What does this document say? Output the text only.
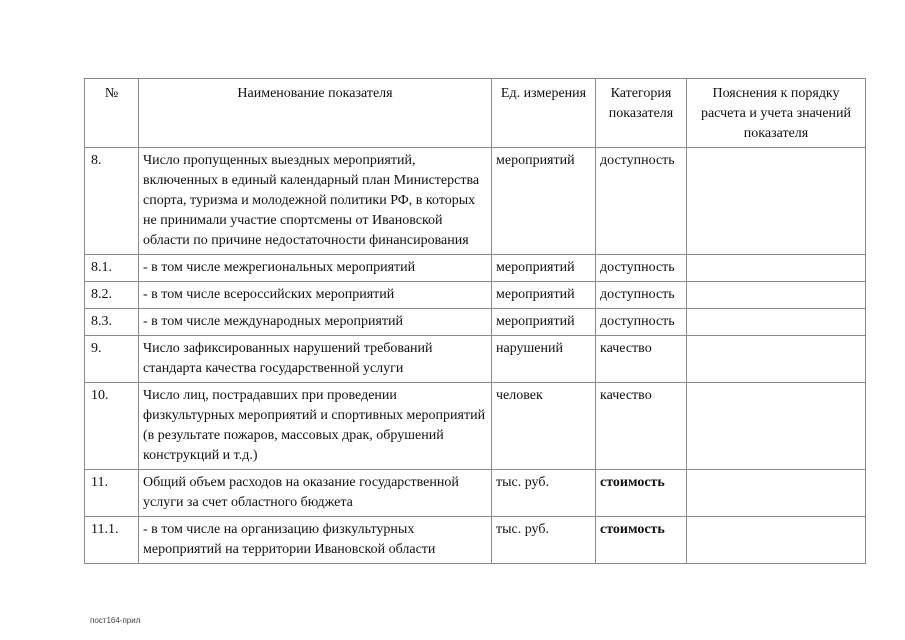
№	Наименование показателя	Ед. измерения	Категория показателя	Пояснения к порядку расчета и учета значений показателя
8.	Число пропущенных выездных мероприятий, включенных в единый календарный план Министерства спорта, туризма и молодежной политики РФ, в которых не принимали участие спортсмены от Ивановской области по причине недостаточности финансирования	мероприятий	доступность	
8.1.	- в том числе межрегиональных мероприятий	мероприятий	доступность	
8.2.	- в том числе всероссийских мероприятий	мероприятий	доступность	
8.3.	- в том числе международных мероприятий	мероприятий	доступность	
9.	Число зафиксированных нарушений требований стандарта качества государственной услуги	нарушений	качество	
10.	Число лиц, пострадавших при проведении физкультурных мероприятий и спортивных мероприятий (в результате пожаров, массовых драк, обрушений конструкций и т.д.)	человек	качество	
11.	Общий объем расходов на оказание государственной услуги за счет областного бюджета	тыс. руб.	стоимость	
11.1.	- в том числе на организацию физкультурных мероприятий на территории Ивановской области	тыс. руб.	стоимость	
пост164-прил
